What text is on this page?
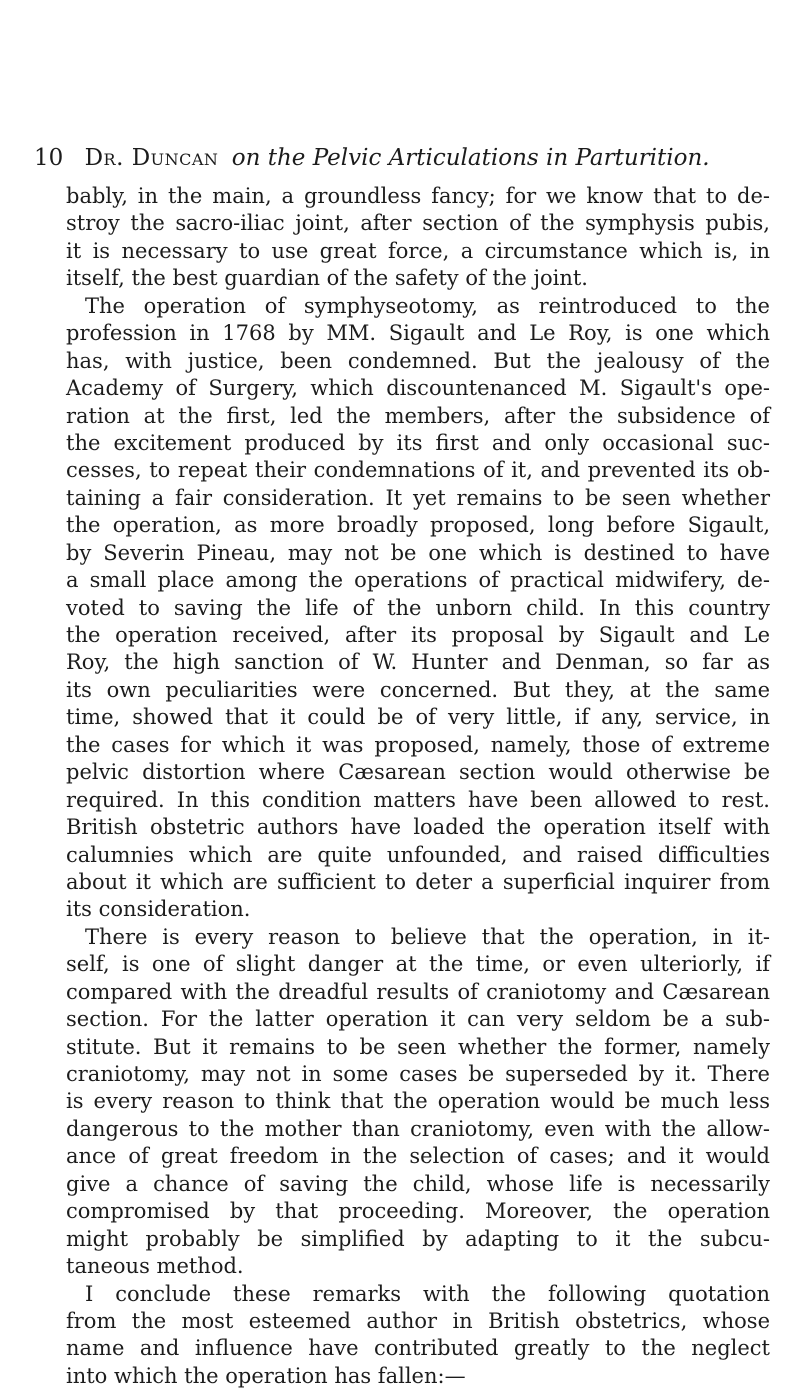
10 Dr. Duncan on the Pelvic Articulations in Parturition.
bably, in the main, a groundless fancy; for we know that to de-
stroy the sacro-iliac joint, after section of the symphysis pubis,
it is necessary to use great force, a circumstance which is, in
itself, the best guardian of the safety of the joint.
The operation of symphyseotomy, as reintroduced to the
profession in 1768 by MM. Sigault and Le Roy, is one which
has, with justice, been condemned. But the jealousy of the
Academy of Surgery, which discountenanced M. Sigault's ope-
ration at the first, led the members, after the subsidence of
the excitement produced by its first and only occasional suc-
cesses, to repeat their condemnations of it, and prevented its ob-
taining a fair consideration. It yet remains to be seen whether
the operation, as more broadly proposed, long before Sigault,
by Severin Pineau, may not be one which is destined to have
a small place among the operations of practical midwifery, de-
voted to saving the life of the unborn child. In this country
the operation received, after its proposal by Sigault and Le
Roy, the high sanction of W. Hunter and Denman, so far as
its own peculiarities were concerned. But they, at the same
time, showed that it could be of very little, if any, service, in
the cases for which it was proposed, namely, those of extreme
pelvic distortion where Cæsarean section would otherwise be
required. In this condition matters have been allowed to rest.
British obstetric authors have loaded the operation itself with
calumnies which are quite unfounded, and raised difficulties
about it which are sufficient to deter a superficial inquirer from
its consideration.
There is every reason to believe that the operation, in it-
self, is one of slight danger at the time, or even ulteriorly, if
compared with the dreadful results of craniotomy and Cæsarean
section. For the latter operation it can very seldom be a sub-
stitute. But it remains to be seen whether the former, namely
craniotomy, may not in some cases be superseded by it. There
is every reason to think that the operation would be much less
dangerous to the mother than craniotomy, even with the allow-
ance of great freedom in the selection of cases; and it would
give a chance of saving the child, whose life is necessarily
compromised by that proceeding. Moreover, the operation
might probably be simplified by adapting to it the subcu-
taneous method.
I conclude these remarks with the following quotation
from the most esteemed author in British obstetrics, whose
name and influence have contributed greatly to the neglect
into which the operation has fallen:—
